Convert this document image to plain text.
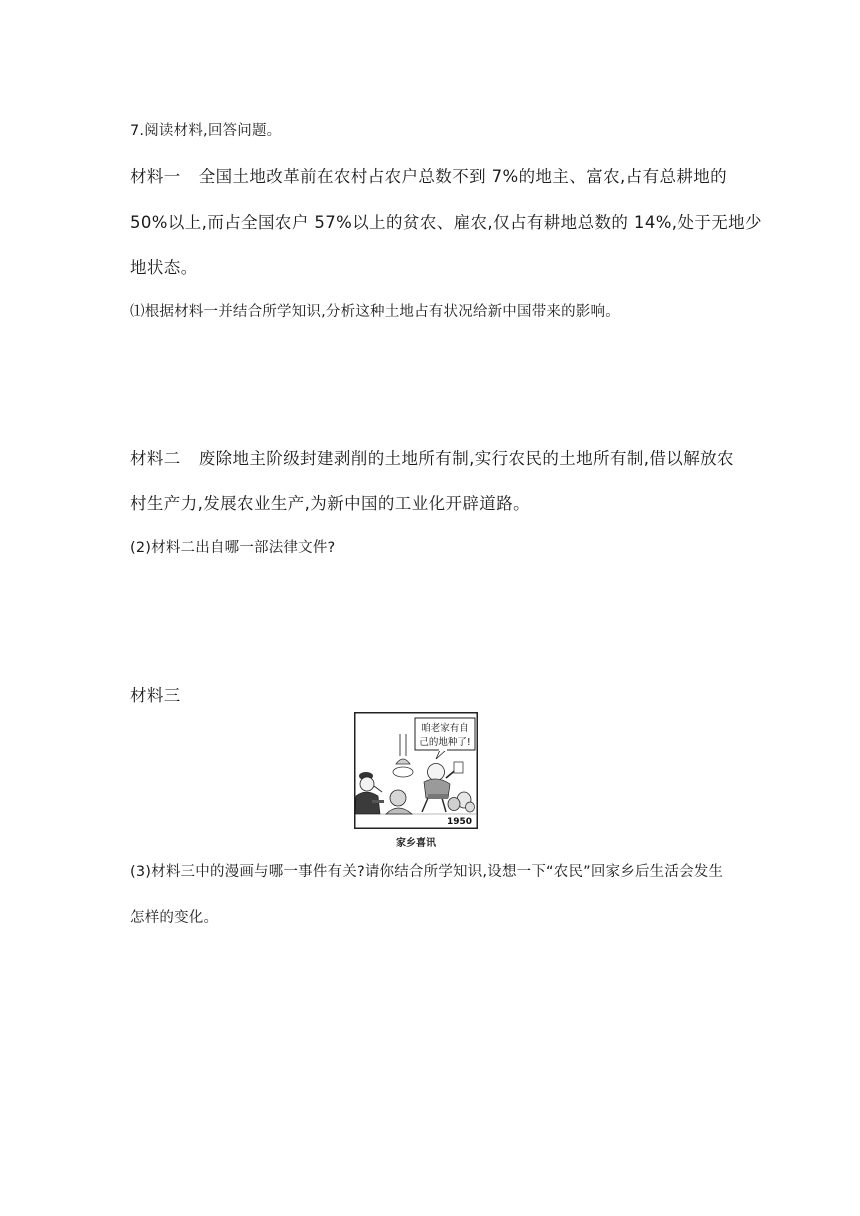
7.阅读材料,回答问题。

材料一 全国土地改革前在农村占农户总数不到 7%的地主、富农,占有总耕地的

50%以上,而占全国农户 57%以上的贫农、雇农,仅占有耕地总数的 14%,处于无地少

地状态。

⑴根据材料一并结合所学知识,分析这种土地占有状况给新中国带来的影响。

材料二 废除地主阶级封建剥削的土地所有制,实行农民的土地所有制,借以解放农

村生产力,发展农业生产,为新中国的工业化开辟道路。

(2)材料二出自哪一部法律文件?

材料三

咱老家有自
己的地种了!
1950
家乡喜讯

(3)材料三中的漫画与哪一事件有关?请你结合所学知识,设想一下“农民”回家乡后生活会发生

怎样的变化。
